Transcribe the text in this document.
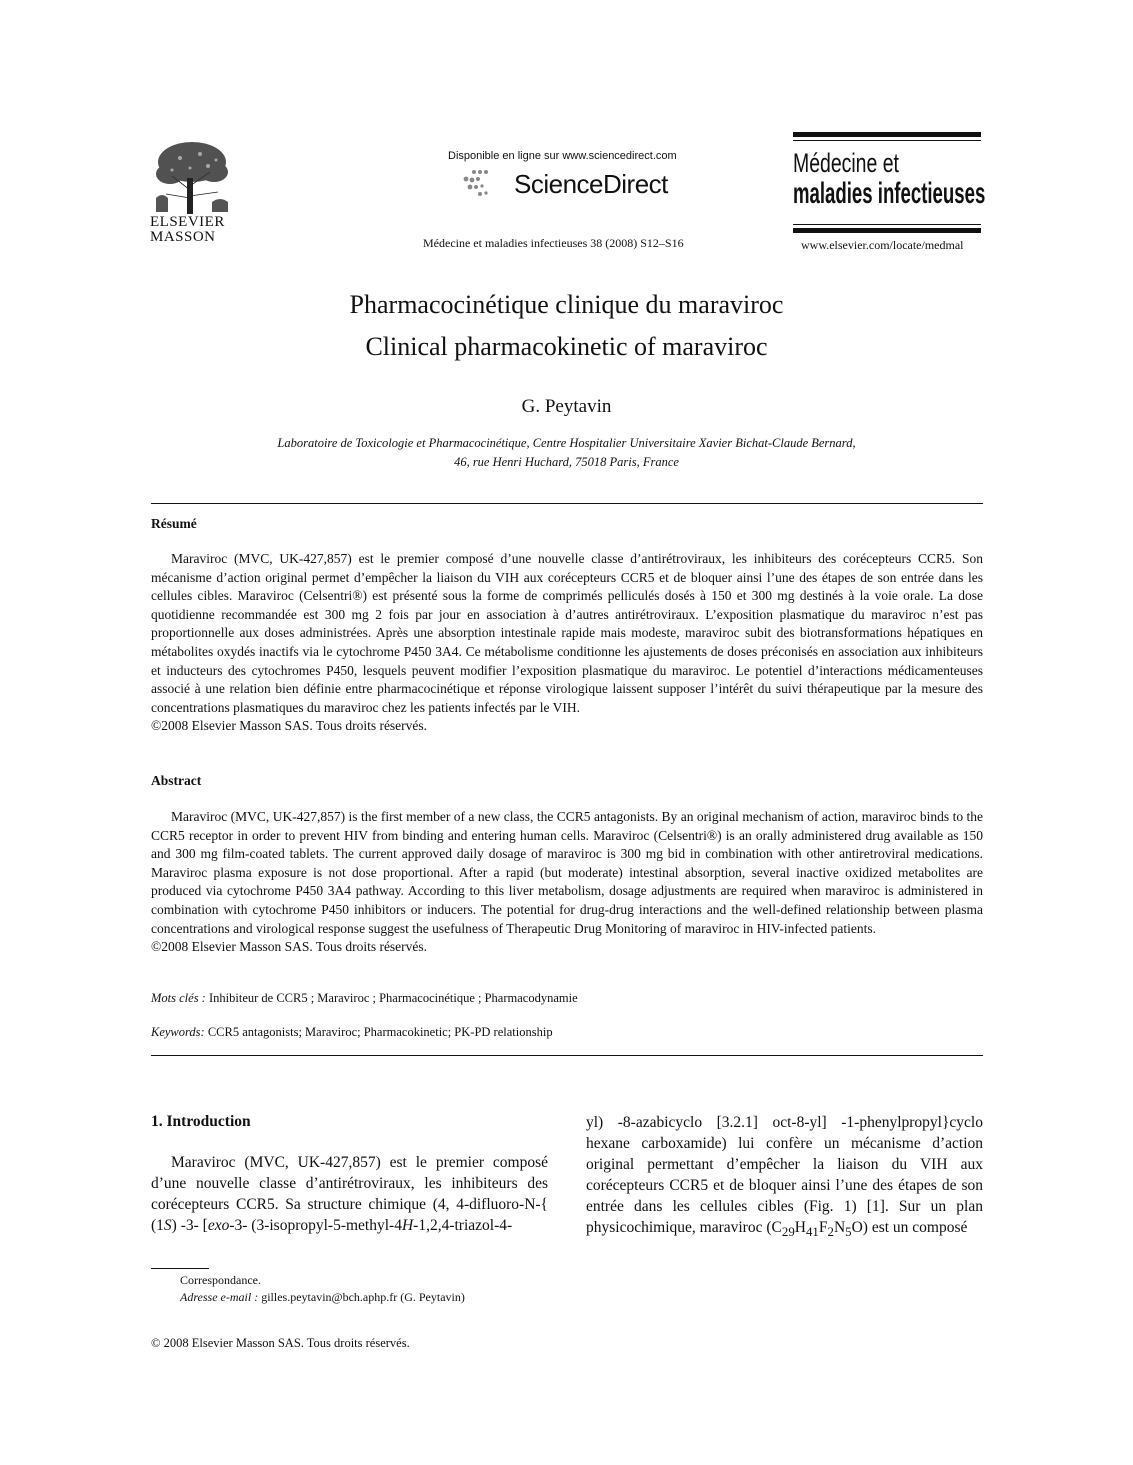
ELSEVIER
MASSON
Disponible en ligne sur www.sciencedirect.com
ScienceDirect
Médecine et maladies infectieuses 38 (2008) S12–S16
Médecine et
maladies infectieuses
www.elsevier.com/locate/medmal
Pharmacocinétique clinique du maraviroc
Clinical pharmacokinetic of maraviroc
G. Peytavin
Laboratoire de Toxicologie et Pharmacocinétique, Centre Hospitalier Universitaire Xavier Bichat-Claude Bernard,
46, rue Henri Huchard, 75018 Paris, France
Résumé

Maraviroc (MVC, UK-427,857) est le premier composé d’une nouvelle classe d’antirétroviraux, les inhibiteurs des corécepteurs CCR5. Son mécanisme d’action original permet d’empêcher la liaison du VIH aux corécepteurs CCR5 et de bloquer ainsi l’une des étapes de son entrée dans les cellules cibles. Maraviroc (Celsentri®) est présenté sous la forme de comprimés pelliculés dosés à 150 et 300 mg destinés à la voie orale. La dose quotidienne recommandée est 300 mg 2 fois par jour en association à d’autres antirétroviraux. L’exposition plasmatique du maraviroc n’est pas proportionnelle aux doses administrées. Après une absorption intestinale rapide mais modeste, maraviroc subit des biotransformations hépatiques en métabolites oxydés inactifs via le cytochrome P450 3A4. Ce métabolisme conditionne les ajustements de doses préconisés en association aux inhibiteurs et inducteurs des cytochromes P450, lesquels peuvent modifier l’exposition plasmatique du maraviroc. Le potentiel d’interactions médicamenteuses associé à une relation bien définie entre pharmacocinétique et réponse virologique laissent supposer l’intérêt du suivi thérapeutique par la mesure des concentrations plasmatiques du maraviroc chez les patients infectés par le VIH.

©2008 Elsevier Masson SAS. Tous droits réservés.

Abstract

Maraviroc (MVC, UK-427,857) is the first member of a new class, the CCR5 antagonists. By an original mechanism of action, maraviroc binds to the CCR5 receptor in order to prevent HIV from binding and entering human cells. Maraviroc (Celsentri®) is an orally administered drug available as 150 and 300 mg film-coated tablets. The current approved daily dosage of maraviroc is 300 mg bid in combination with other antiretroviral medications. Maraviroc plasma exposure is not dose proportional. After a rapid (but moderate) intestinal absorption, several inactive oxidized metabolites are produced via cytochrome P450 3A4 pathway. According to this liver metabolism, dosage adjustments are required when maraviroc is administered in combination with cytochrome P450 inhibitors or inducers. The potential for drug-drug interactions and the well-defined relationship between plasma concentrations and virological response suggest the usefulness of Therapeutic Drug Monitoring of maraviroc in HIV-infected patients.

©2008 Elsevier Masson SAS. Tous droits réservés.

Mots clés : Inhibiteur de CCR5 ; Maraviroc ; Pharmacocinétique ; Pharmacodynamie
Keywords: CCR5 antagonists; Maraviroc; Pharmacokinetic; PK-PD relationship
1. Introduction

Maraviroc (MVC, UK-427,857) est le premier composé d’une nouvelle classe d’antirétroviraux, les inhibiteurs des corécepteurs CCR5. Sa structure chimique (4, 4-difluoro-N-{ (1S) -3- [exo-3- (3-isopropyl-5-methyl-4H-1,2,4-triazol-4-

yl) -8-azabicyclo [3.2.1] oct-8-yl] -1-phenylpropyl}cyclo hexane carboxamide) lui confère un mécanisme d’action original permettant d’empêcher la liaison du VIH aux corécepteurs CCR5 et de bloquer ainsi l’une des étapes de son entrée dans les cellules cibles (Fig. 1) [1]. Sur un plan physicochimique, maraviroc $(C_{29}H_{41}F_2N_5O)$ est un composé

Correspondance.
Adresse e-mail : gilles.peytavin@bch.aphp.fr (G. Peytavin)
© 2008 Elsevier Masson SAS. Tous droits réservés.
